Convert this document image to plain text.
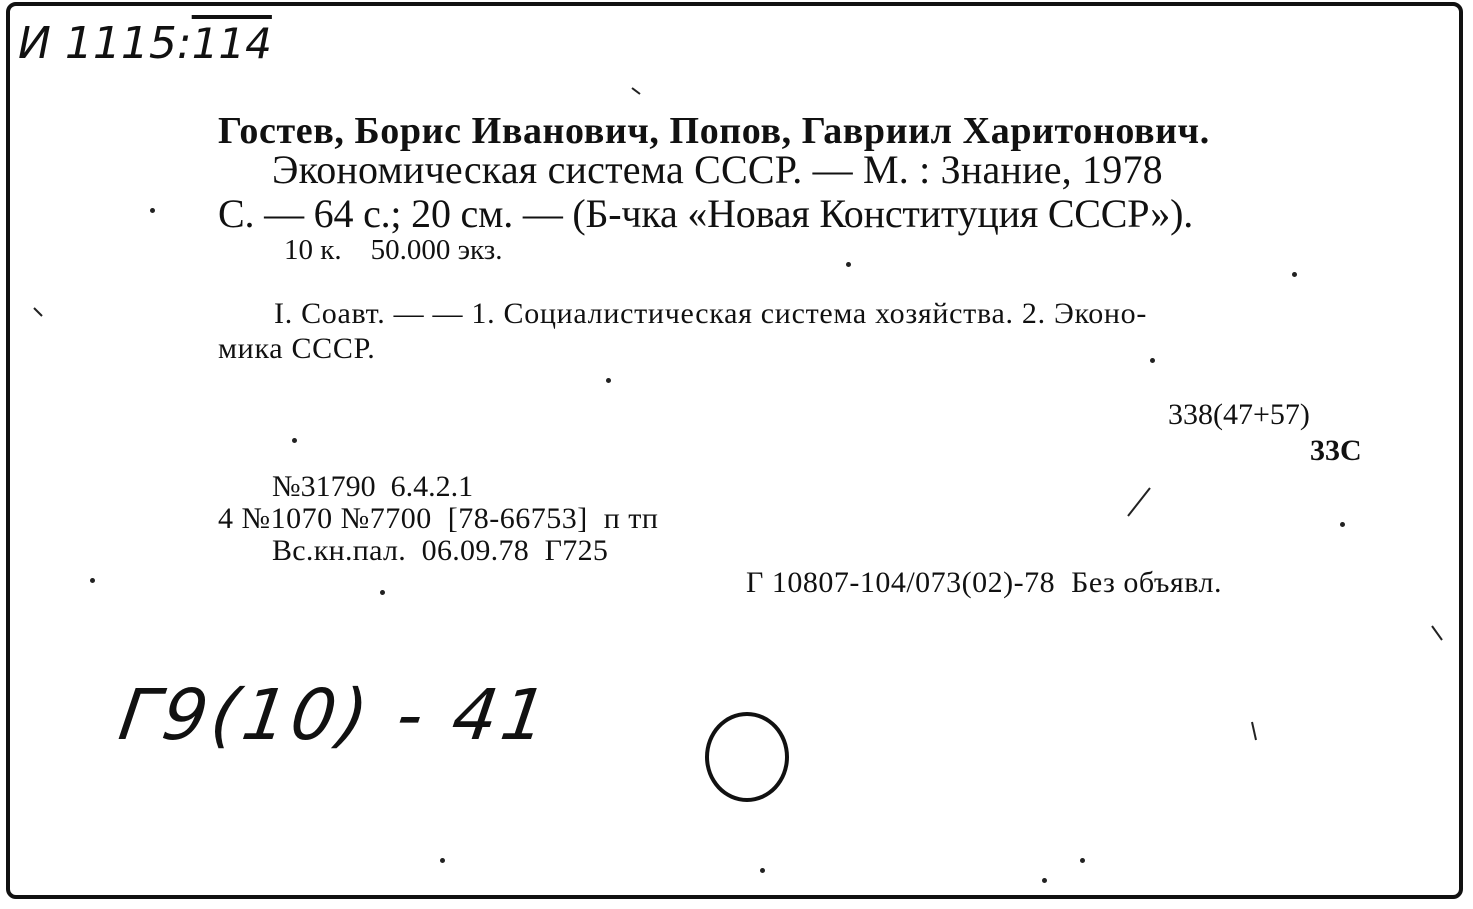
И 1115:114
Гостев, Борис Иванович, Попов, Гавриил Харитонович.
Экономическая система СССР. — М. : Знание, 1978
С. — 64 с.; 20 см. — (Б-чка «Новая Конституция СССР»).
10 к.    50.000 экз.
I. Соавт. — — 1. Социалистическая система хозяйства. 2. Эконо-
мика СССР.
338(47+57)
33С
№31790  6.4.2.1
4 №1070 №7700  [78-66753]  п тп
Вс.кн.пал.  06.09.78  Г725
Г 10807-104/073(02)-78  Без объявл.
Г9(10) - 41
